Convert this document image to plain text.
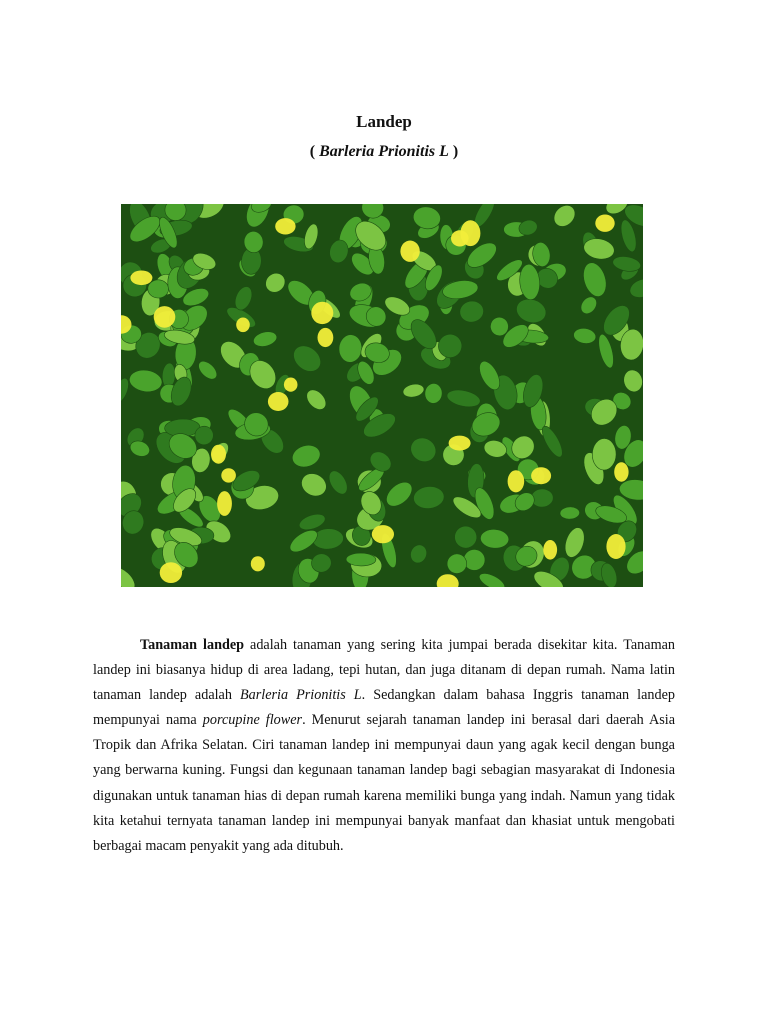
Landep
( Barleria Prionitis L )

Tanaman landep adalah tanaman yang sering kita jumpai berada disekitar kita. Tanaman landep ini biasanya hidup di area ladang, tepi hutan, dan juga ditanam di depan rumah. Nama latin tanaman landep adalah Barleria Prionitis L. Sedangkan dalam bahasa Inggris tanaman landep mempunyai nama porcupine flower. Menurut sejarah tanaman landep ini berasal dari daerah Asia Tropik dan Afrika Selatan. Ciri tanaman landep ini mempunyai daun yang agak kecil dengan bunga yang berwarna kuning. Fungsi dan kegunaan tanaman landep bagi sebagian masyarakat di Indonesia digunakan untuk tanaman hias di depan rumah karena memiliki bunga yang indah. Namun yang tidak kita ketahui ternyata tanaman landep ini mempunyai banyak manfaat dan khasiat untuk mengobati berbagai macam penyakit yang ada ditubuh.
